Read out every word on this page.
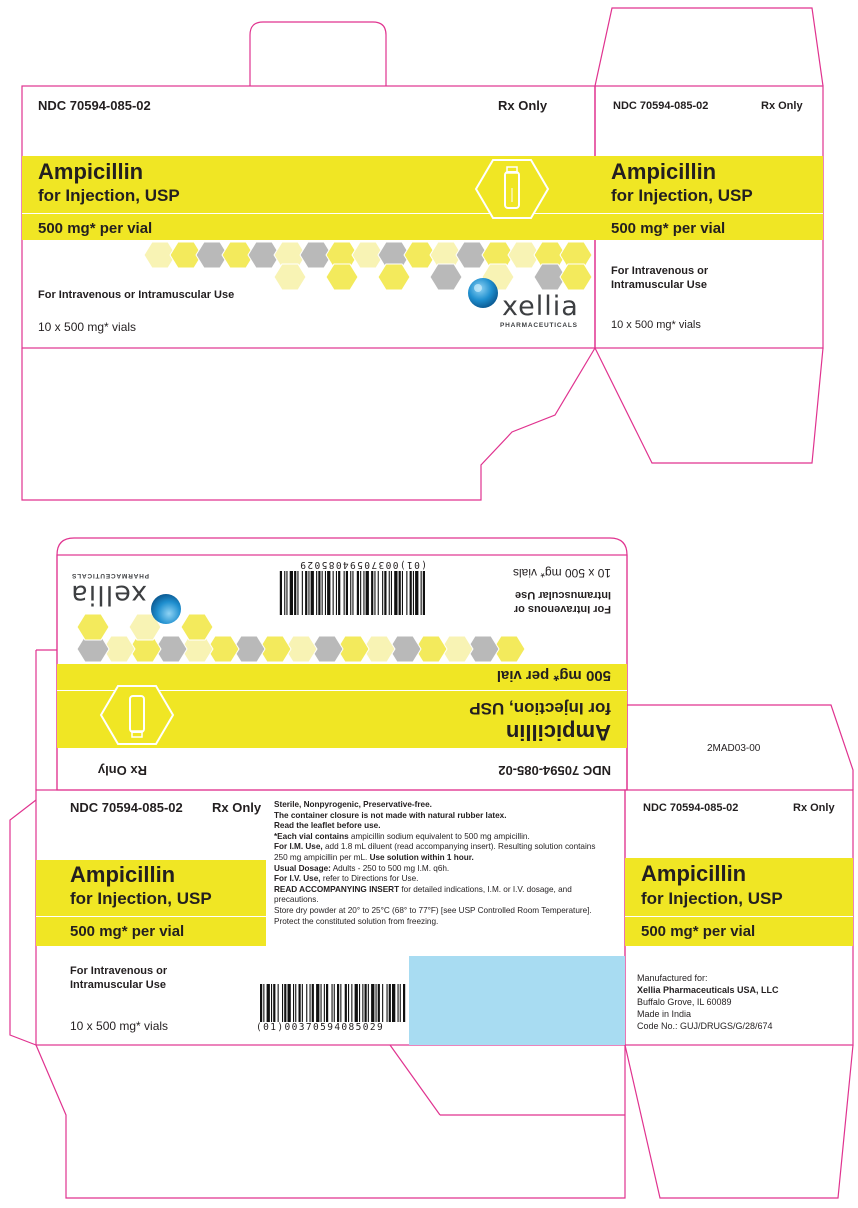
NDC 70594-085-02	Rx Only
Ampicillin
for Injection, USP
500 mg* per vial
For Intravenous or Intramuscular Use
10 x 500 mg* vials
xellia
PHARMACEUTICALS
NDC 70594-085-02	Rx Only
Ampicillin
for Injection, USP
500 mg* per vial
For Intravenous or
Intramuscular Use
10 x 500 mg* vials
NDC 70594-085-02
Rx Only
Ampicillin
for Injection, USP
500 mg* per vial
For Intravenous or
Intramuscular Use
10 x 500 mg* vials
(01)00370594085029
xellia
PHARMACEUTICALS
2MAD03-00
NDC 70594-085-02 Rx Only
Ampicillin
for Injection, USP
500 mg* per vial
For Intravenous or
Intramuscular Use
10 x 500 mg* vials
Sterile, Nonpyrogenic, Preservative-free.
The container closure is not made with natural rubber latex.
Read the leaflet before use.
*Each vial contains ampicillin sodium equivalent to 500 mg ampicillin.
For I.M. Use, add 1.8 mL diluent (read accompanying insert). Resulting solution contains 250 mg ampicillin per mL. Use solution within 1 hour.
Usual Dosage: Adults - 250 to 500 mg I.M. q6h.
For I.V. Use, refer to Directions for Use.
READ ACCOMPANYING INSERT for detailed indications, I.M. or I.V. dosage, and precautions.
Store dry powder at 20° to 25°C (68° to 77°F) [see USP Controlled Room Temperature]. Protect the constituted solution from freezing.
(01)00370594085029
NDC 70594-085-02	Rx Only
Ampicillin
for Injection, USP
500 mg* per vial
Manufactured for:
Xellia Pharmaceuticals USA, LLC
Buffalo Grove, IL 60089
Made in India
Code No.: GUJ/DRUGS/G/28/674
